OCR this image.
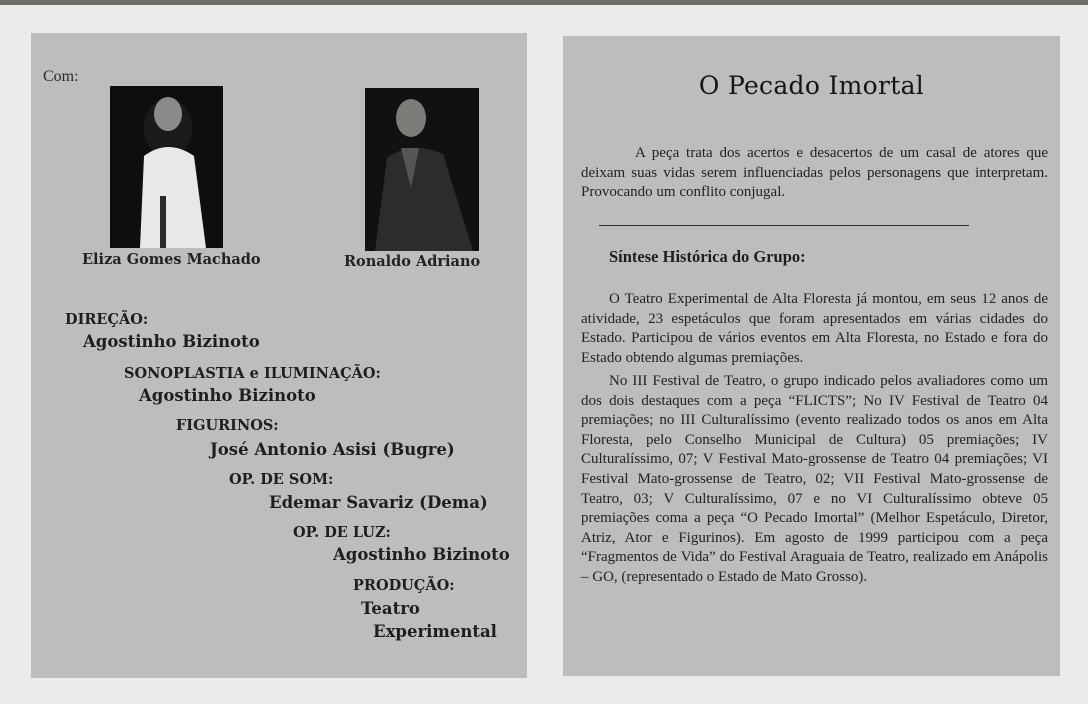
Com:
Eliza Gomes Machado	Ronaldo Adriano
DIREÇÃO:
Agostinho Bizinoto
SONOPLASTIA e ILUMINAÇÃO:
Agostinho Bizinoto
FIGURINOS:
José Antonio Asisi (Bugre)
OP. DE SOM:
Edemar Savariz (Dema)
OP. DE LUZ:
Agostinho Bizinoto
PRODUÇÃO:
Teatro
Experimental
O Pecado Imortal

A peça trata dos acertos e desacertos de um casal de atores que deixam suas vidas serem influenciadas pelos personagens que interpretam. Provocando um conflito conjugal.

Síntese Histórica do Grupo:

O Teatro Experimental de Alta Floresta já montou, em seus 12 anos de atividade, 23 espetáculos que foram apresentados em várias cidades do Estado. Participou de vários eventos em Alta Floresta, no Estado e fora do Estado obtendo algumas premiações.

No III Festival de Teatro, o grupo indicado pelos avaliadores como um dos dois destaques com a peça “FLICTS”; No IV Festival de Teatro 04 premiações; no III Culturalíssimo (evento realizado todos os anos em Alta Floresta, pelo Conselho Municipal de Cultura) 05 premiações; IV Culturalíssimo, 07; V Festival Mato-grossense de Teatro 04 premiações; VI Festival Mato-grossense de Teatro, 02; VII Festival Mato-grossense de Teatro, 03; V Culturalíssimo, 07 e no VI Culturalíssimo obteve 05 premiações coma a peça “O Pecado Imortal” (Melhor Espetáculo, Diretor, Atriz, Ator e Figurinos). Em agosto de 1999 participou com a peça “Fragmentos de Vida” do Festival Araguaia de Teatro, realizado em Anápolis – GO, (representado o Estado de Mato Grosso).
